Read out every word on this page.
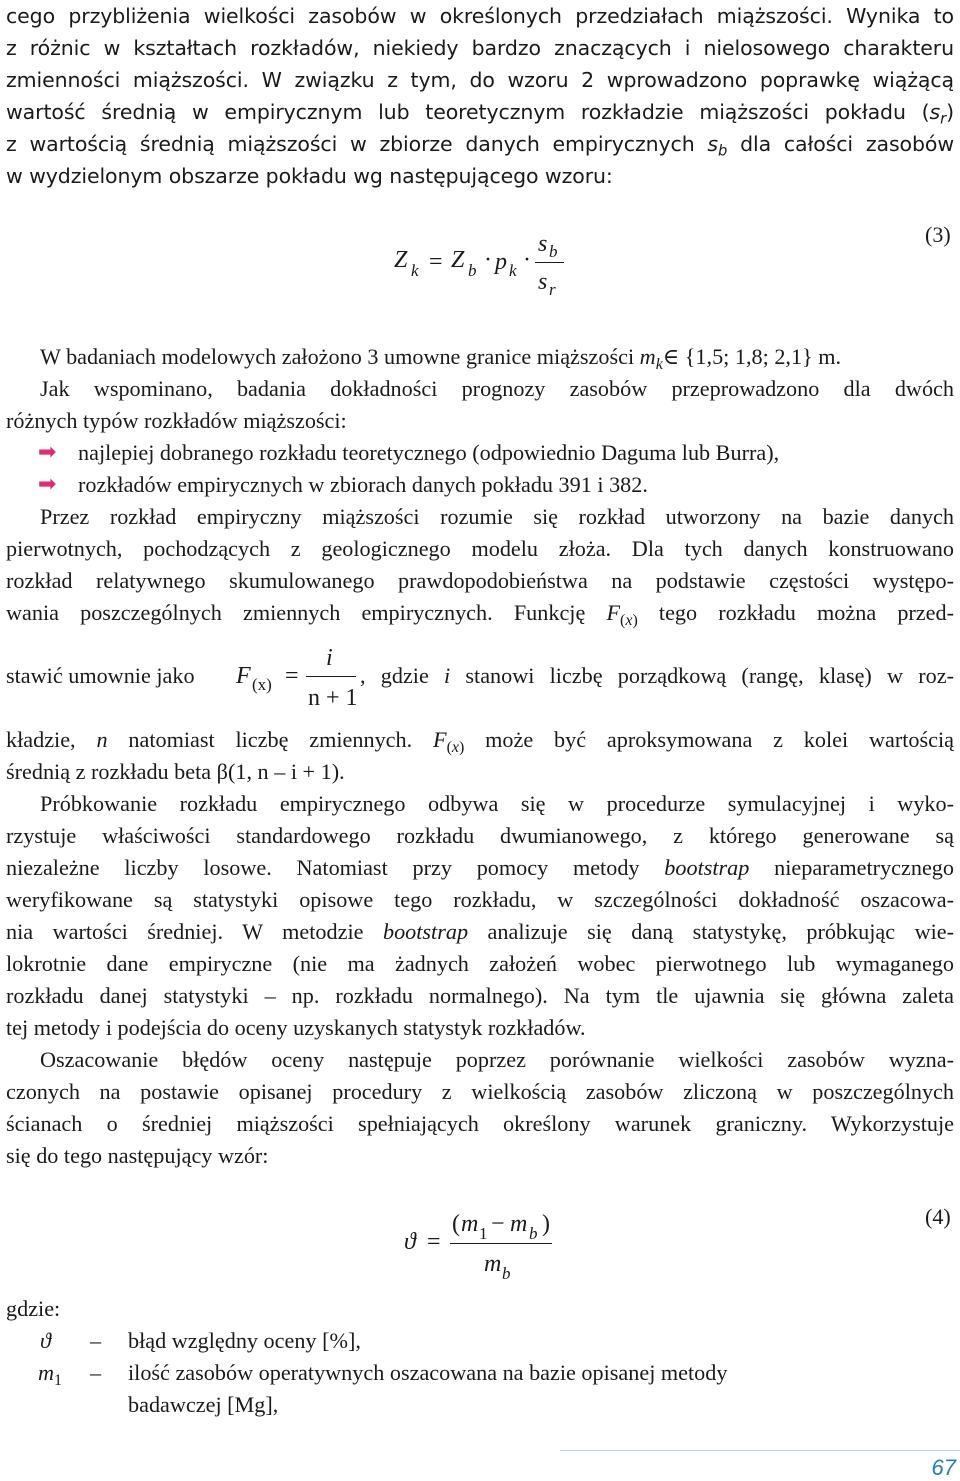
cego przybliżenia wielkości zasobów w określonych przedziałach miąższości. Wynika to
z różnic w kształtach rozkładów, niekiedy bardzo znaczących i nielosowego charakteru
zmienności miąższości. W związku z tym, do wzoru 2 wprowadzono poprawkę wiążącą
wartość średnią w empirycznym lub teoretycznym rozkładzie miąższości pokładu $(s_r)$
z wartością średnią miąższości w zbiorze danych empirycznych $s_b$ dla całości zasobów
w wydzielonym obszarze pokładu wg następującego wzoru:
Z k = Z b · p k ·
s b
s r
(3)
W badaniach modelowych założono 3 umowne granice miąższości $m_k\in$ {1,5; 1,8; 2,1} m.
Jak wspominano, badania dokładności prognozy zasobów przeprowadzono dla dwóch
różnych typów rozkładów miąższości:
➡ najlepiej dobranego rozkładu teoretycznego (odpowiednio Daguma lub Burra),
➡ rozkładów empirycznych w zbiorach danych pokładu 391 i 382.
Przez rozkład empiryczny miąższości rozumie się rozkład utworzony na bazie danych
pierwotnych, pochodzących z geologicznego modelu złoża. Dla tych danych konstruowano
rozkład relatywnego skumulowanego prawdopodobieństwa na podstawie częstości występo-
wania poszczególnych zmiennych empirycznych. Funkcję $F_{(x)}$ tego rozkładu można przed-
stawić umownie jako	F (x) =
i
n + 1
, gdzie i stanowi liczbę porządkową (rangę, klasę) w roz-
kładzie, n natomiast liczbę zmiennych. $F_{(x)}$ może być aproksymowana z kolei wartością
średnią z rozkładu beta β(1, n – i + 1).
Próbkowanie rozkładu empirycznego odbywa się w procedurze symulacyjnej i wyko-
rzystuje właściwości standardowego rozkładu dwumianowego, z którego generowane są
niezależne liczby losowe. Natomiast przy pomocy metody bootstrap nieparametrycznego
weryfikowane są statystyki opisowe tego rozkładu, w szczególności dokładność oszacowa-
nia wartości średniej. W metodzie bootstrap analizuje się daną statystykę, próbkując wie-
lokrotnie dane empiryczne (nie ma żadnych założeń wobec pierwotnego lub wymaganego
rozkładu danej statystyki – np. rozkładu normalnego). Na tym tle ujawnia się główna zaleta
tej metody i podejścia do oceny uzyskanych statystyk rozkładów.
Oszacowanie błędów oceny następuje poprzez porównanie wielkości zasobów wyzna-
czonych na postawie opisanej procedury z wielkością zasobów zliczoną w poszczególnych
ścianach o średniej miąższości spełniających określony warunek graniczny. Wykorzystuje
się do tego następujący wzór:
ϑ =
( m 1 − m b )
m b
(4)
gdzie:
ϑ – błąd względny oceny [%],
$m_1$ – ilość zasobów operatywnych oszacowana na bazie opisanej metody
badawczej [Mg],
67
